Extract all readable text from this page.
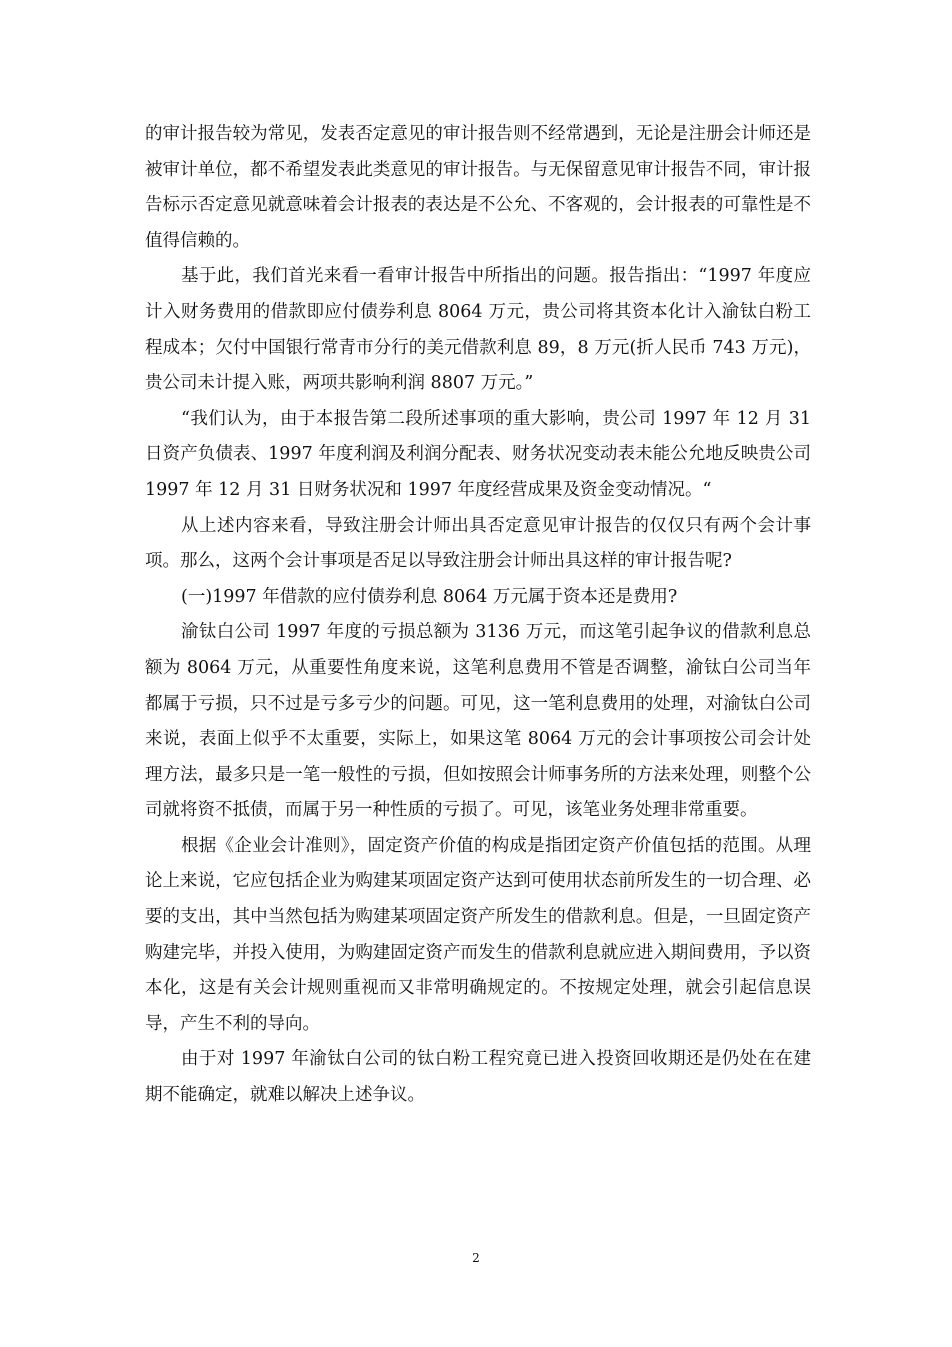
的审计报告较为常见，发表否定意见的审计报告则不经常遇到，无论是注册会计师还是被审计单位，都不希望发表此类意见的审计报告。与无保留意见审计报告不同，审计报告标示否定意见就意味着会计报表的表达是不公允、不客观的，会计报表的可靠性是不值得信赖的。

基于此，我们首光来看一看审计报告中所指出的问题。报告指出：“1997 年度应计入财务费用的借款即应付债券利息 8064 万元，贵公司将其资本化计入渝钛白粉工程成本；欠付中国银行常青市分行的美元借款利息 89，8 万元(折人民币 743 万元)，贵公司未计提入账，两项共影响利润 8807 万元。”

“我们认为，由于本报告第二段所述事项的重大影响，贵公司 1997 年 12 月 31 日资产负债表、1997 年度利润及利润分配表、财务状况变动表未能公允地反映贵公司 1997 年 12 月 31 日财务状况和 1997 年度经营成果及资金变动情况。“

从上述内容来看，导致注册会计师出具否定意见审计报告的仅仅只有两个会计事项。那么，这两个会计事项是否足以导致注册会计师出具这样的审计报告呢?

(一)1997 年借款的应付债券利息 8064 万元属于资本还是费用?

渝钛白公司 1997 年度的亏损总额为 3136 万元，而这笔引起争议的借款利息总额为 8064 万元，从重要性角度来说，这笔利息费用不管是否调整，渝钛白公司当年都属于亏损，只不过是亏多亏少的问题。可见，这一笔利息费用的处理，对渝钛白公司来说，表面上似乎不太重要，实际上，如果这笔 8064 万元的会计事项按公司会计处理方法，最多只是一笔一般性的亏损，但如按照会计师事务所的方法来处理，则整个公司就将资不抵债，而属于另一种性质的亏损了。可见，该笔业务处理非常重要。

根据《企业会计准则》，固定资产价值的构成是指团定资产价值包括的范围。从理论上来说，它应包括企业为购建某项固定资产达到可使用状态前所发生的一切合理、必要的支出，其中当然包括为购建某项固定资产所发生的借款利息。但是，一旦固定资产购建完毕，并投入使用，为购建固定资产而发生的借款利息就应进入期间费用，予以资本化，这是有关会计规则重视而又非常明确规定的。不按规定处理，就会引起信息误导，产生不利的导向。

由于对 1997 年渝钛白公司的钛白粉工程究竟已进入投资回收期还是仍处在在建期不能确定，就难以解决上述争议。

2
